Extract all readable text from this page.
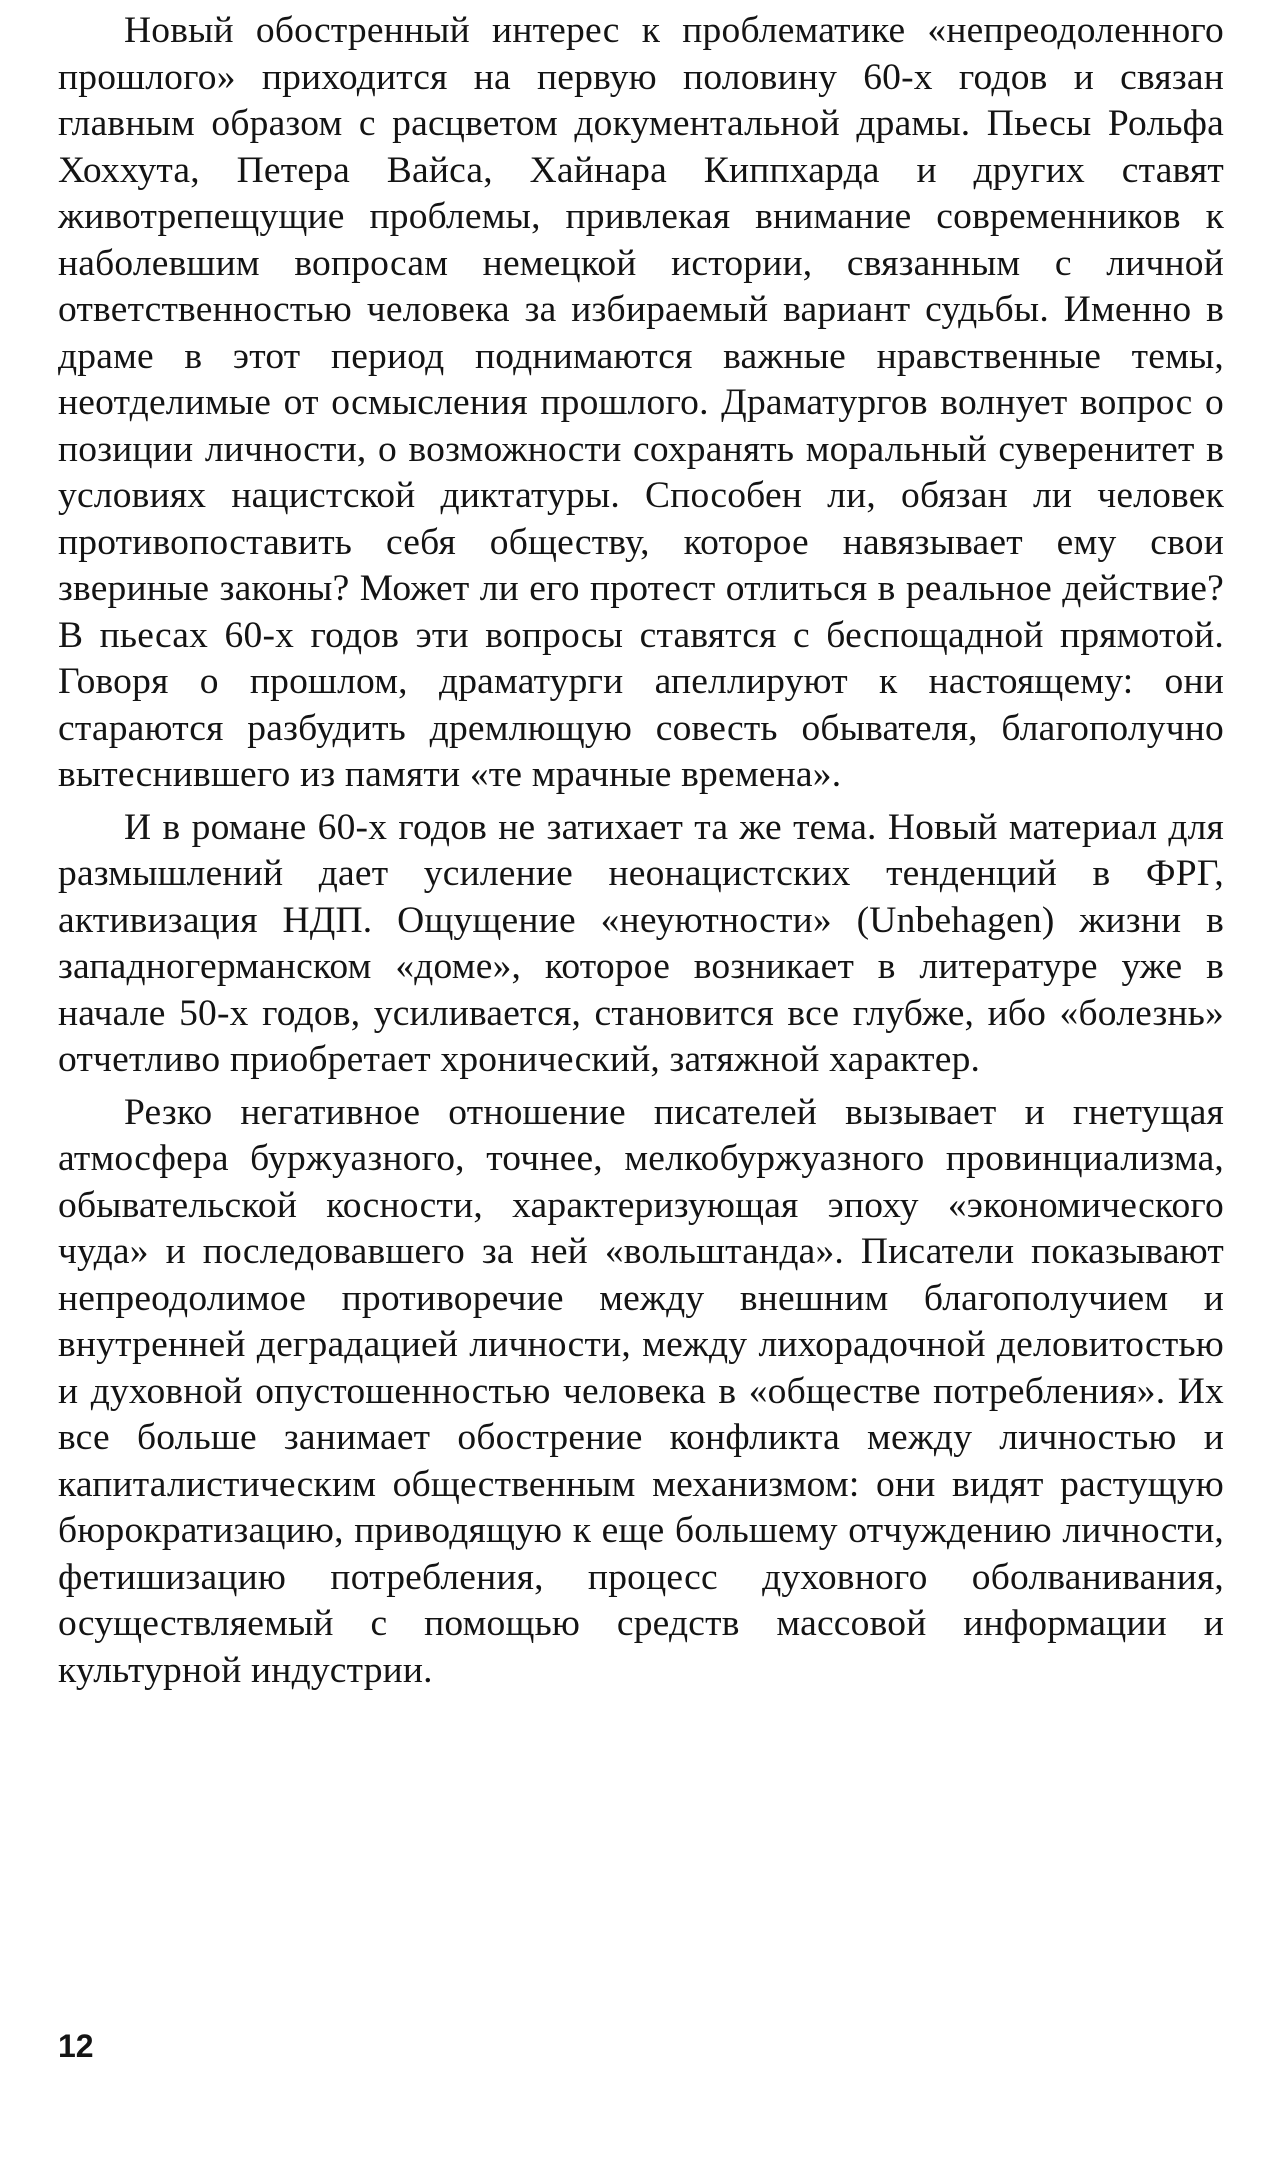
Новый обостренный интерес к проблематике «непреодоленного прошлого» приходится на первую половину 60-х годов и связан главным образом с расцветом документальной драмы. Пьесы Рольфа Хоххута, Петера Вайса, Хайнара Киппхарда и других ставят животрепещущие проблемы, привлекая внимание современников к наболевшим вопросам немецкой истории, связанным с личной ответственностью человека за избираемый вариант судьбы. Именно в драме в этот период поднимаются важные нравственные темы, неотделимые от осмысления прошлого. Драматургов волнует вопрос о позиции личности, о возможности сохранять моральный суверенитет в условиях нацистской диктатуры. Способен ли, обязан ли человек противопоставить себя обществу, которое навязывает ему свои звериные законы? Может ли его протест отлиться в реальное действие? В пьесах 60-х годов эти вопросы ставятся с беспощадной прямотой. Говоря о прошлом, драматурги апеллируют к настоящему: они стараются разбудить дремлющую совесть обывателя, благополучно вытеснившего из памяти «те мрачные времена».

И в романе 60-х годов не затихает та же тема. Новый материал для размышлений дает усиление неонацистских тенденций в ФРГ, активизация НДП. Ощущение «неуютности» (Unbehagen) жизни в западногерманском «доме», которое возникает в литературе уже в начале 50-х годов, усиливается, становится все глубже, ибо «болезнь» отчетливо приобретает хронический, затяжной характер.

Резко негативное отношение писателей вызывает и гнетущая атмосфера буржуазного, точнее, мелкобуржуазного провинциализма, обывательской косности, характеризующая эпоху «экономического чуда» и последовавшего за ней «вольштанда». Писатели показывают непреодолимое противоречие между внешним благополучием и внутренней деградацией личности, между лихорадочной деловитостью и духовной опустошенностью человека в «обществе потребления». Их все больше занимает обострение конфликта между личностью и капиталистическим общественным механизмом: они видят растущую бюрократизацию, приводящую к еще большему отчуждению личности, фетишизацию потребления, процесс духовного оболванивания, осуществляемый с помощью средств массовой информации и культурной индустрии.

12
